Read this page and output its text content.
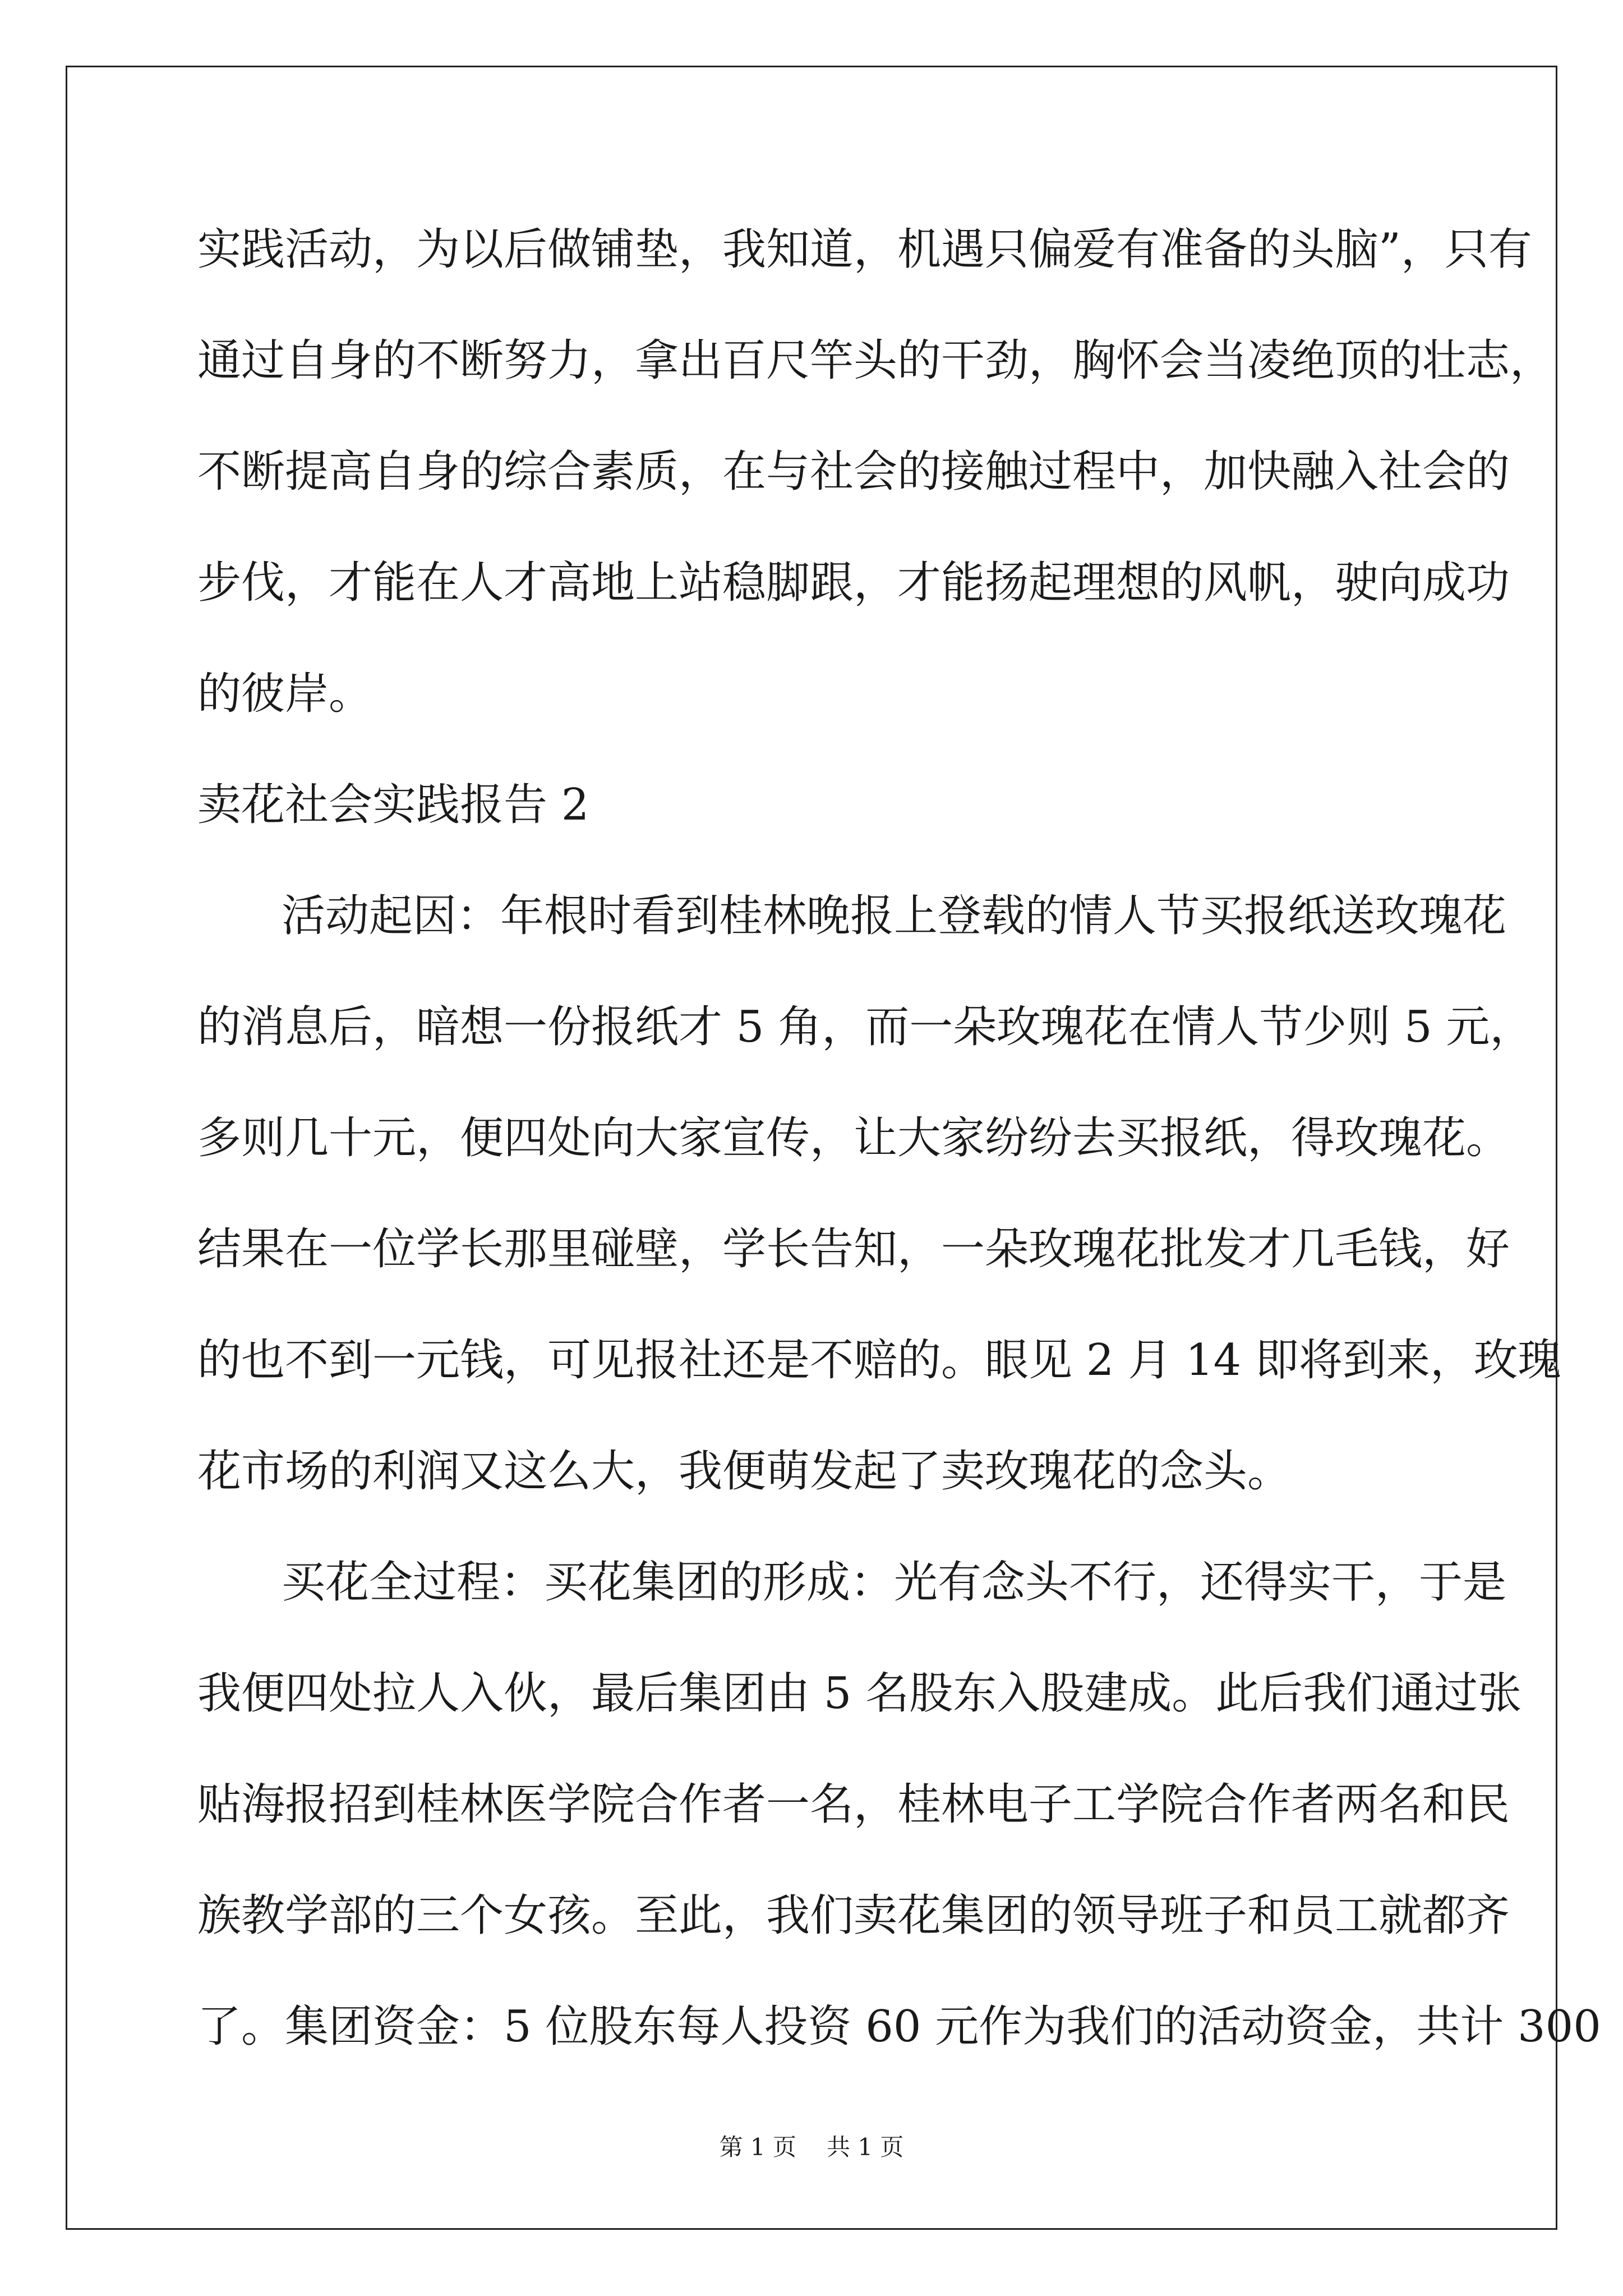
实践活动，为以后做铺垫，我知道，机遇只偏爱有准备的头脑”，只有
通过自身的不断努力，拿出百尺竿头的干劲，胸怀会当凌绝顶的壮志，
不断提高自身的综合素质，在与社会的接触过程中，加快融入社会的
步伐，才能在人才高地上站稳脚跟，才能扬起理想的风帆，驶向成功
的彼岸。
卖花社会实践报告 2
活动起因：年根时看到桂林晚报上登载的情人节买报纸送玫瑰花
的消息后，暗想一份报纸才 5 角，而一朵玫瑰花在情人节少则 5 元，
多则几十元，便四处向大家宣传，让大家纷纷去买报纸，得玫瑰花。
结果在一位学长那里碰壁，学长告知，一朵玫瑰花批发才几毛钱，好
的也不到一元钱，可见报社还是不赔的。眼见 2 月 14 即将到来，玫瑰
花市场的利润又这么大，我便萌发起了卖玫瑰花的念头。
买花全过程：买花集团的形成：光有念头不行，还得实干，于是
我便四处拉人入伙，最后集团由 5 名股东入股建成。此后我们通过张
贴海报招到桂林医学院合作者一名，桂林电子工学院合作者两名和民
族教学部的三个女孩。至此，我们卖花集团的领导班子和员工就都齐
了。集团资金：5 位股东每人投资 60 元作为我们的活动资金，共计 300
第 1 页 共 1 页
